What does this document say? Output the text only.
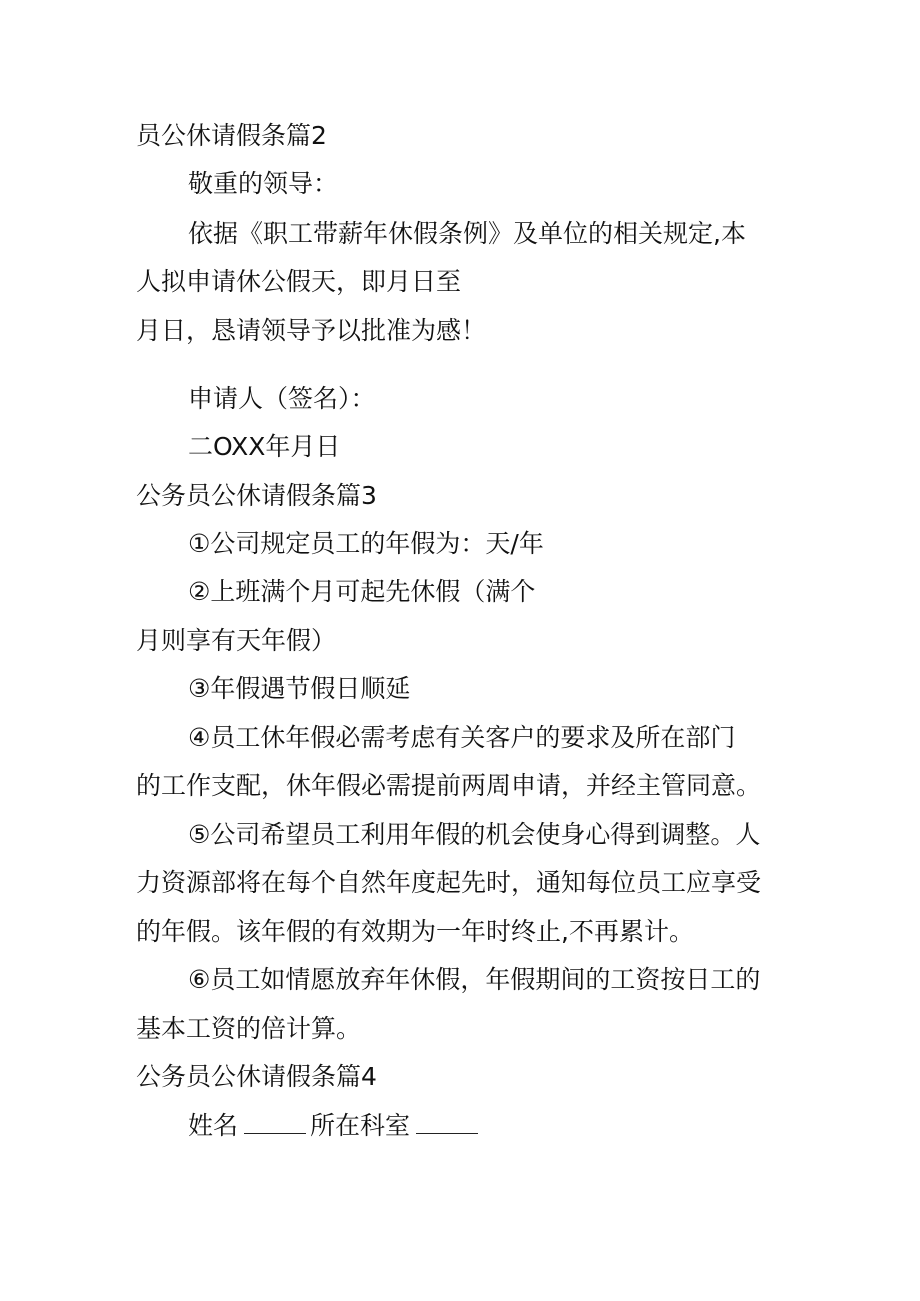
员公休请假条篇2
敬重的领导：
依据《职工带薪年休假条例》及单位的相关规定,本
人拟申请休公假天，即月日至
月日，恳请领导予以批准为感！
申请人（签名）：
二OXX年月日
公务员公休请假条篇3
①公司规定员工的年假为：天/年
②上班满个月可起先休假（满个
月则享有天年假）
③年假遇节假日顺延
④员工休年假必需考虑有关客户的要求及所在部门
的工作支配，休年假必需提前两周申请，并经主管同意。
⑤公司希望员工利用年假的机会使身心得到调整。人
力资源部将在每个自然年度起先时，通知每位员工应享受
的年假。该年假的有效期为一年时终止,不再累计。
⑥员工如情愿放弃年休假，年假期间的工资按日工的
基本工资的倍计算。
公务员公休请假条篇4
姓名	所在科室
